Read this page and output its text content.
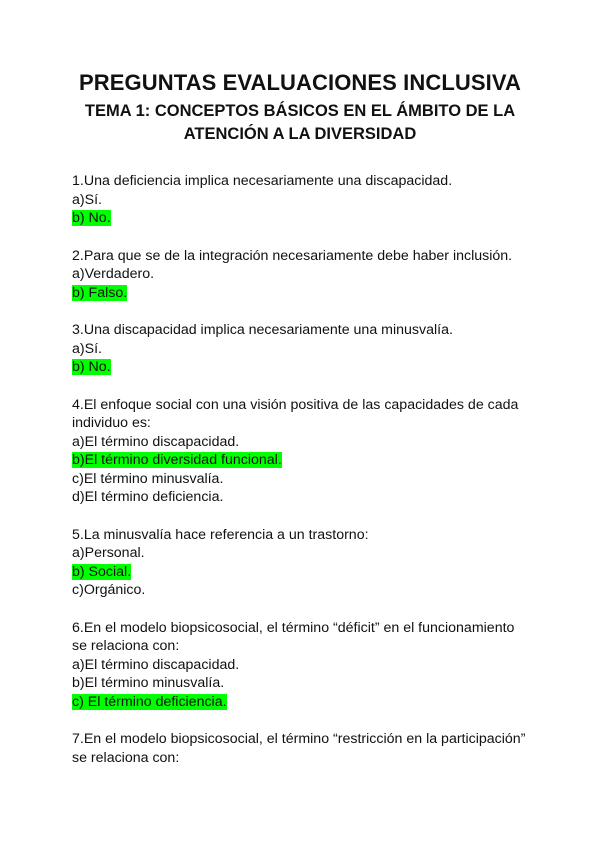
PREGUNTAS EVALUACIONES INCLUSIVA
TEMA 1: CONCEPTOS BÁSICOS EN EL ÁMBITO DE LA ATENCIÓN A LA DIVERSIDAD

1.Una deficiencia implica necesariamente una discapacidad.

a)Sí.

b) No.

2.Para que se de la integración necesariamente debe haber inclusión.

a)Verdadero.

b) Falso.

3.Una discapacidad implica necesariamente una minusvalía.

a)Sí.

b) No.

4.El enfoque social con una visión positiva de las capacidades de cada individuo es:

a)El término discapacidad.

b)El término diversidad funcional.

c)El término minusvalía.

d)El término deficiencia.

5.La minusvalía hace referencia a un trastorno:

a)Personal.

b) Social.

c)Orgánico.

6.En el modelo biopsicosocial, el término “déficit” en el funcionamiento se relaciona con:

a)El término discapacidad.

b)El término minusvalía.

c) El término deficiencia.

7.En el modelo biopsicosocial, el término “restricción en la participación” se relaciona con:
